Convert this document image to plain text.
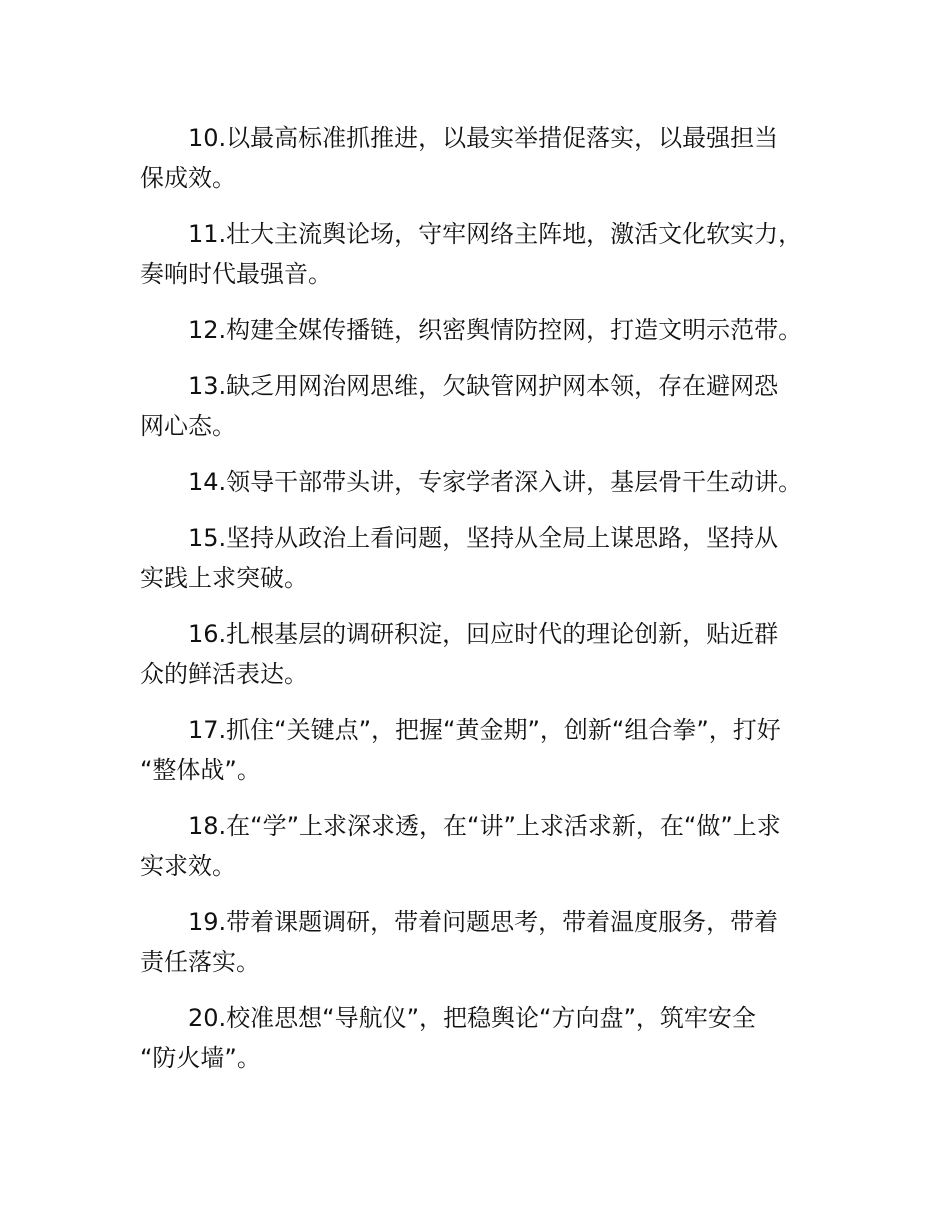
10.以最高标准抓推进，以最实举措促落实，以最强担当
保成效。

11.壮大主流舆论场，守牢网络主阵地，激活文化软实力，
奏响时代最强音。

12.构建全媒传播链，织密舆情防控网，打造文明示范带。

13.缺乏用网治网思维，欠缺管网护网本领，存在避网恐
网心态。

14.领导干部带头讲，专家学者深入讲，基层骨干生动讲。

15.坚持从政治上看问题，坚持从全局上谋思路，坚持从
实践上求突破。

16.扎根基层的调研积淀，回应时代的理论创新，贴近群
众的鲜活表达。

17.抓住“关键点”，把握“黄金期”，创新“组合拳”，打好
“整体战”。

18.在“学”上求深求透，在“讲”上求活求新，在“做”上求
实求效。

19.带着课题调研，带着问题思考，带着温度服务，带着
责任落实。

20.校准思想“导航仪”，把稳舆论“方向盘”，筑牢安全
“防火墙”。
